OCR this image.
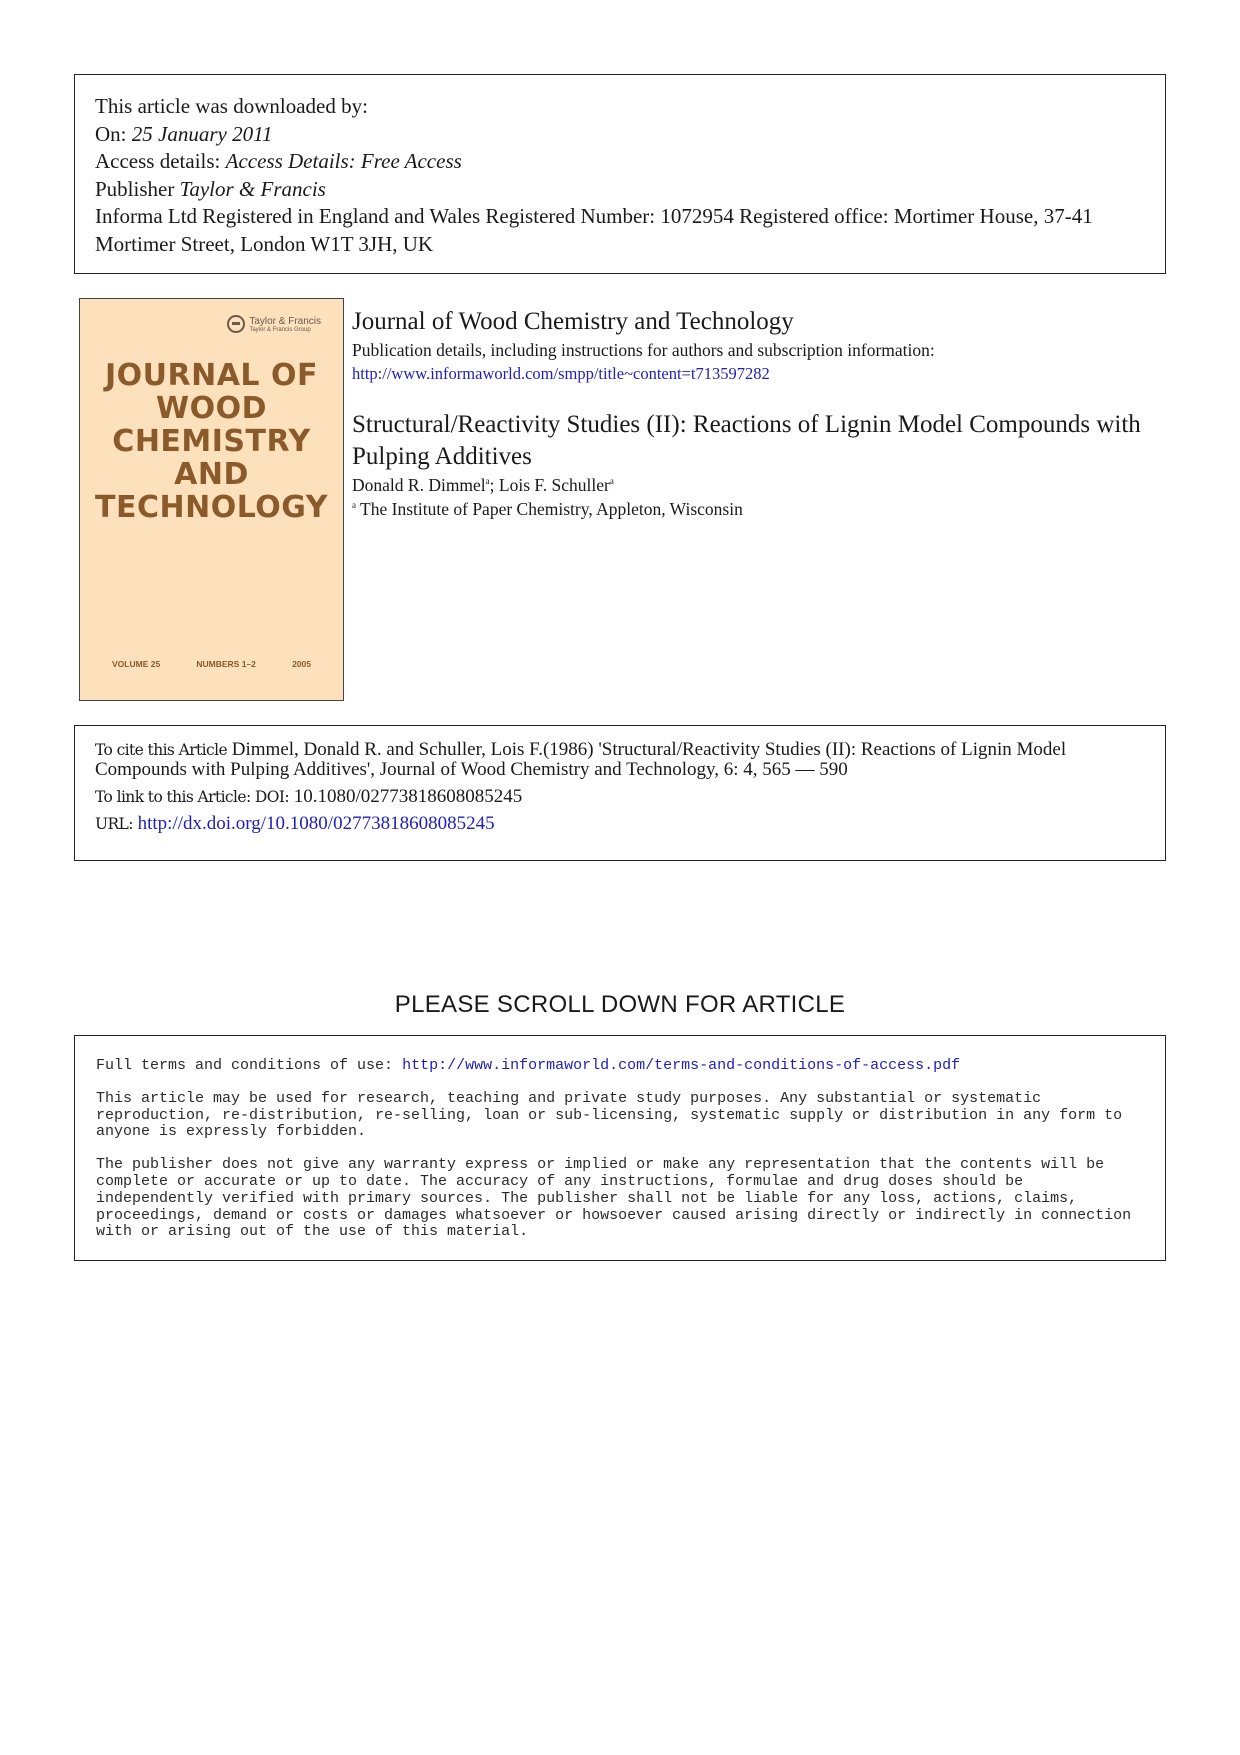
This article was downloaded by:
On: 25 January 2011
Access details: Access Details: Free Access
Publisher Taylor & Francis
Informa Ltd Registered in England and Wales Registered Number: 1072954 Registered office: Mortimer House, 37-41 Mortimer Street, London W1T 3JH, UK
Taylor & Francis
Taylor & Francis Group
JOURNAL OF
WOOD
CHEMISTRY
AND
TECHNOLOGY
VOLUME 25	NUMBERS 1–2	2005
Journal of Wood Chemistry and Technology
Publication details, including instructions for authors and subscription information:
http://www.informaworld.com/smpp/title~content=t713597282
Structural/Reactivity Studies (II): Reactions of Lignin Model Compounds with Pulping Additives
Donald R. Dimmel$^a$; Lois F. Schuller$^a$
$^a$ The Institute of Paper Chemistry, Appleton, Wisconsin
To cite this Article Dimmel, Donald R. and Schuller, Lois F.(1986) 'Structural/Reactivity Studies (II): Reactions of Lignin Model Compounds with Pulping Additives', Journal of Wood Chemistry and Technology, 6: 4, 565 — 590
To link to this Article: DOI: 10.1080/02773818608085245
URL: http://dx.doi.org/10.1080/02773818608085245
PLEASE SCROLL DOWN FOR ARTICLE

Full terms and conditions of use: http://www.informaworld.com/terms-and-conditions-of-access.pdf

This article may be used for research, teaching and private study purposes. Any substantial or systematic reproduction, re-distribution, re-selling, loan or sub-licensing, systematic supply or distribution in any form to anyone is expressly forbidden.

The publisher does not give any warranty express or implied or make any representation that the contents will be complete or accurate or up to date. The accuracy of any instructions, formulae and drug doses should be independently verified with primary sources. The publisher shall not be liable for any loss, actions, claims, proceedings, demand or costs or damages whatsoever or howsoever caused arising directly or indirectly in connection with or arising out of the use of this material.
